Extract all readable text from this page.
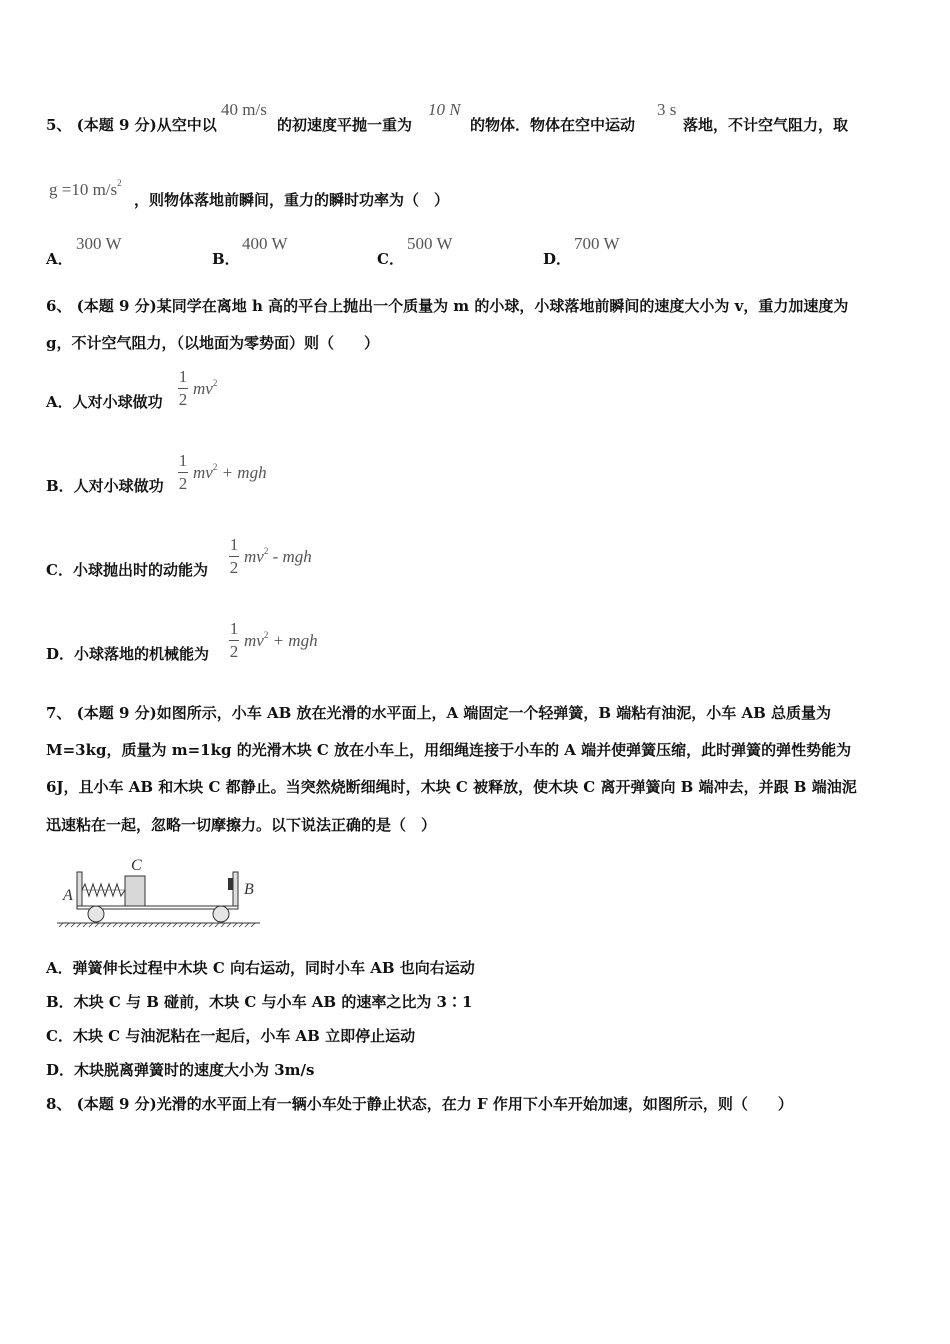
5、 (本题 9 分)从空中以
40 m/s
的初速度平抛一重为
10 N
的物体．物体在空中运动
3 s
落地，不计空气阻力，取
g =10 $m/s^2$
，则物体落地前瞬间，重力的瞬时功率为（　）
A．
300 W
B．
400 W
C．
500 W
D．
700 W
6、 (本题 9 分)某同学在离地 h 高的平台上抛出一个质量为 m 的小球，小球落地前瞬间的速度大小为 v，重力加速度为
g，不计空气阻力，（以地面为零势面）则（　　）
A．人对小球做功
1
2
$mv^2$
B．人对小球做功
1
2
$mv^2$ + mgh
C．小球抛出时的动能为
1
2
$mv^2$ - mgh
D．小球落地的机械能为
1
2
$mv^2$ + mgh
7、 (本题 9 分)如图所示，小车 AB 放在光滑的水平面上，A 端固定一个轻弹簧，B 端粘有油泥，小车 AB 总质量为
M=3kg，质量为 m=1kg 的光滑木块 C 放在小车上，用细绳连接于小车的 A 端并使弹簧压缩，此时弹簧的弹性势能为
6J，且小车 AB 和木块 C 都静止。当突然烧断细绳时，木块 C 被释放，使木块 C 离开弹簧向 B 端冲去，并跟 B 端油泥
迅速粘在一起，忽略一切摩擦力。以下说法正确的是（　）
C
A	B
A．弹簧伸长过程中木块 C 向右运动，同时小车 AB 也向右运动
B．木块 C 与 B 碰前，木块 C 与小车 AB 的速率之比为 3∶1
C．木块 C 与油泥粘在一起后，小车 AB 立即停止运动
D．木块脱离弹簧时的速度大小为 3m/s
8、 (本题 9 分)光滑的水平面上有一辆小车处于静止状态，在力 F 作用下小车开始加速，如图所示，则（　　）
